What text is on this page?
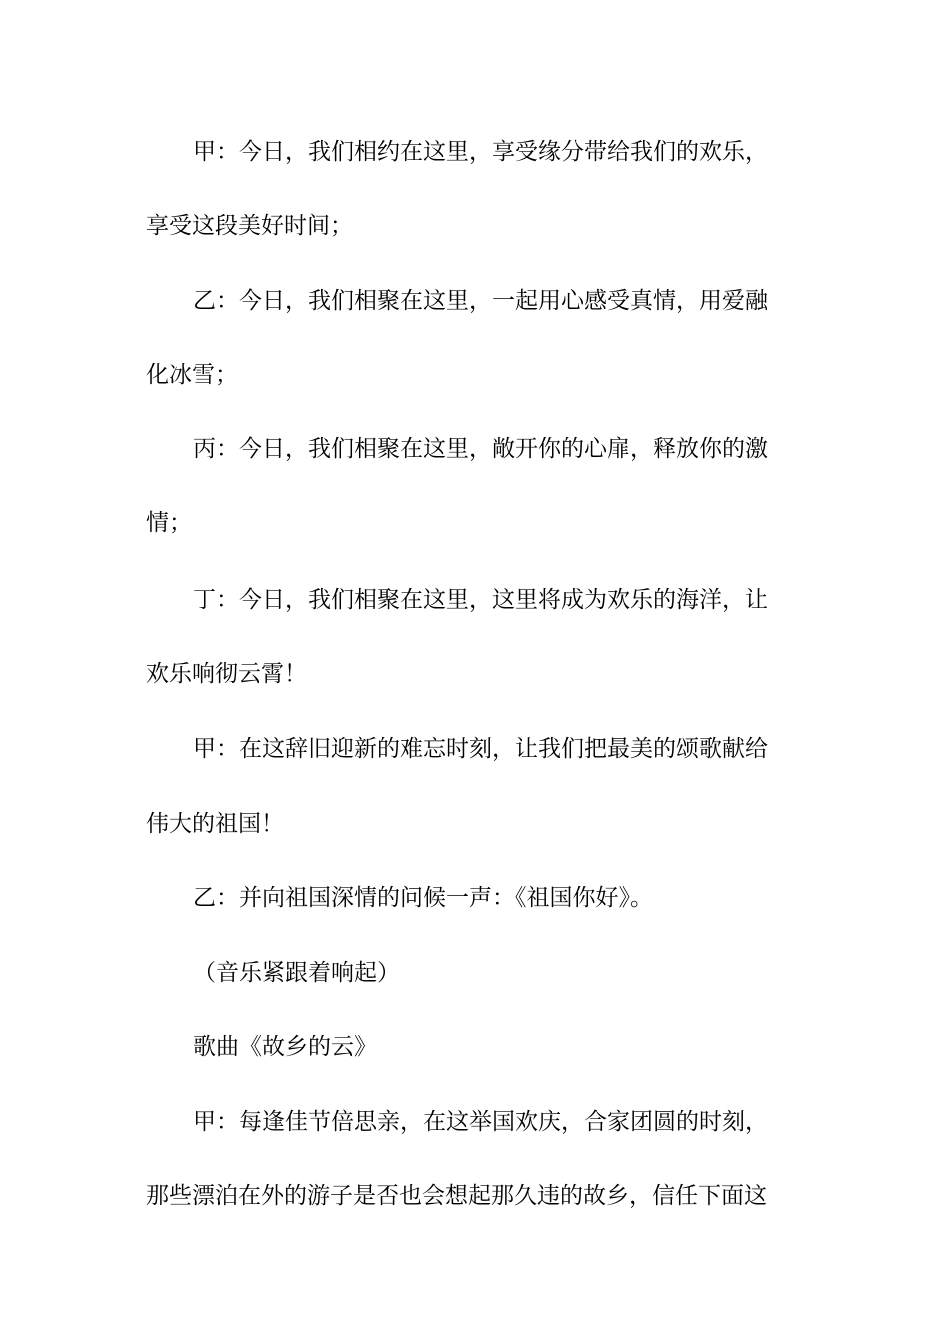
甲：今日，我们相约在这里，享受缘分带给我们的欢乐，
享受这段美好时间；
乙：今日，我们相聚在这里，一起用心感受真情，用爱融
化冰雪；
丙：今日，我们相聚在这里，敞开你的心扉，释放你的激
情；
丁：今日，我们相聚在这里，这里将成为欢乐的海洋，让
欢乐响彻云霄！
甲：在这辞旧迎新的难忘时刻，让我们把最美的颂歌献给
伟大的祖国！
乙：并向祖国深情的问候一声：《祖国你好》。
（音乐紧跟着响起）
歌曲《故乡的云》
甲：每逢佳节倍思亲，在这举国欢庆，合家团圆的时刻，
那些漂泊在外的游子是否也会想起那久违的故乡，信任下面这
